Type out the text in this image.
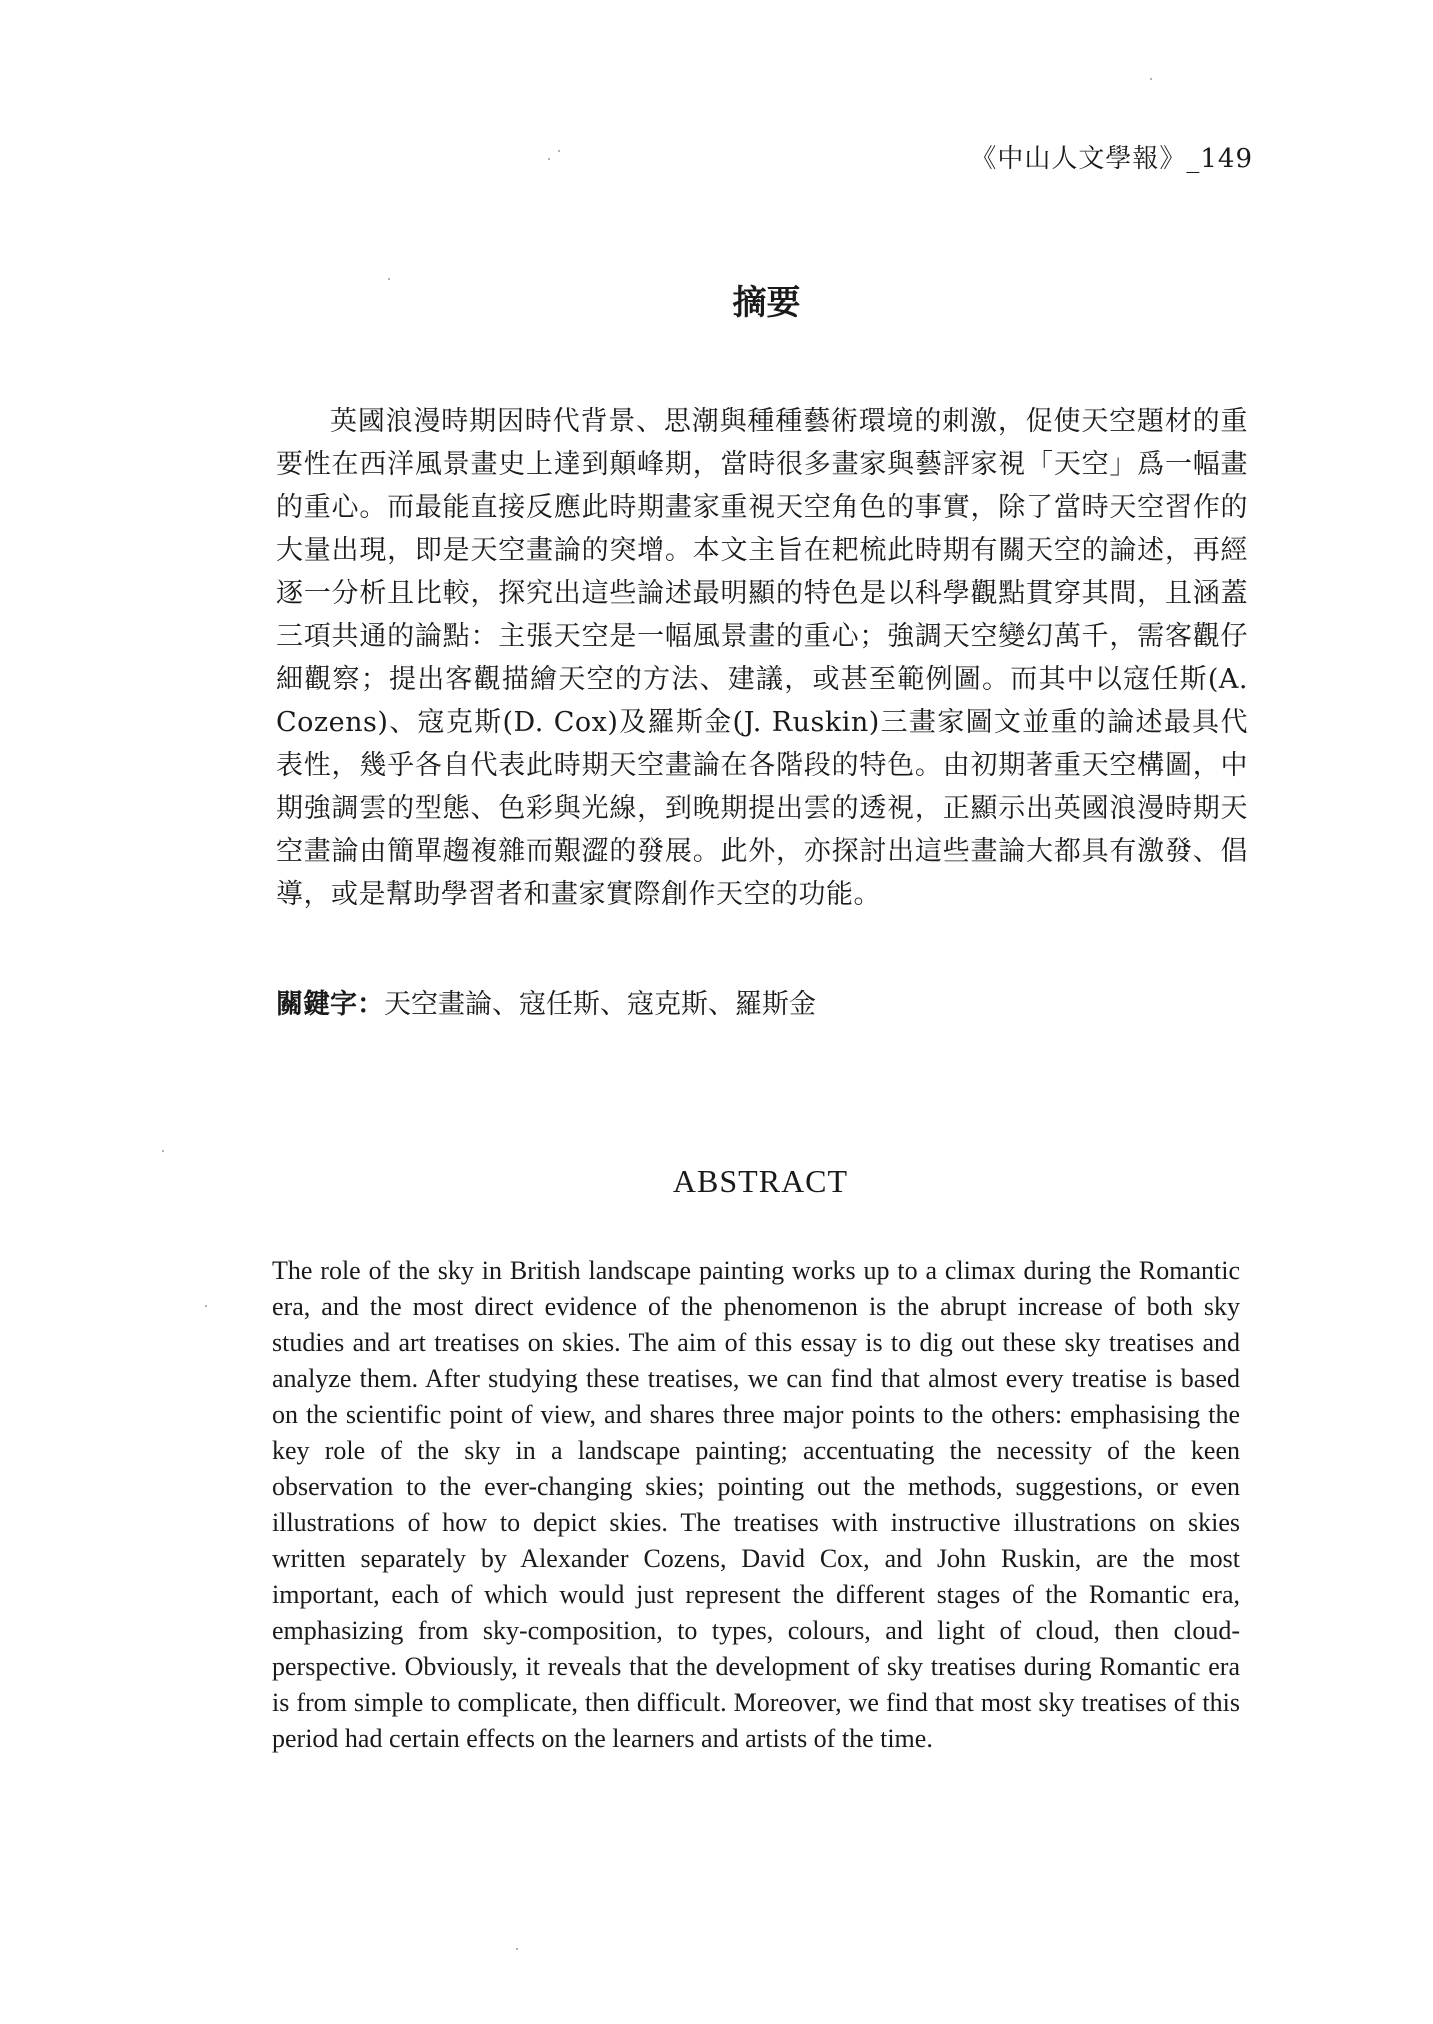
《中山人文學報》_149
摘要

英國浪漫時期因時代背景、思潮與種種藝術環境的刺激，促使天空題材的重要性在西洋風景畫史上達到顛峰期，當時很多畫家與藝評家視「天空」爲一幅畫的重心。而最能直接反應此時期畫家重視天空角色的事實，除了當時天空習作的大量出現，即是天空畫論的突增。本文主旨在耙梳此時期有關天空的論述，再經逐一分析且比較，探究出這些論述最明顯的特色是以科學觀點貫穿其間，且涵蓋三項共通的論點：主張天空是一幅風景畫的重心；強調天空變幻萬千，需客觀仔細觀察；提出客觀描繪天空的方法、建議，或甚至範例圖。而其中以寇任斯(A. Cozens)、寇克斯(D. Cox)及羅斯金(J. Ruskin)三畫家圖文並重的論述最具代表性，幾乎各自代表此時期天空畫論在各階段的特色。由初期著重天空構圖，中期強調雲的型態、色彩與光線，到晚期提出雲的透視，正顯示出英國浪漫時期天空畫論由簡單趨複雜而艱澀的發展。此外，亦探討出這些畫論大都具有激發、倡導，或是幫助學習者和畫家實際創作天空的功能。

關鍵字：天空畫論、寇任斯、寇克斯、羅斯金
ABSTRACT

The role of the sky in British landscape painting works up to a climax during the Romantic era, and the most direct evidence of the phenomenon is the abrupt increase of both sky studies and art treatises on skies. The aim of this essay is to dig out these sky treatises and analyze them. After studying these treatises, we can find that almost every treatise is based on the scientific point of view, and shares three major points to the others: emphasising the key role of the sky in a landscape painting; accentuating the necessity of the keen observation to the ever-changing skies; pointing out the methods, suggestions, or even illustrations of how to depict skies. The treatises with instructive illustrations on skies written separately by Alexander Cozens, David Cox, and John Ruskin, are the most important, each of which would just represent the different stages of the Romantic era, emphasizing from sky-composition, to types, colours, and light of cloud, then cloud-perspective. Obviously, it reveals that the development of sky treatises during Romantic era is from simple to complicate, then difficult. Moreover, we find that most sky treatises of this period had certain effects on the learners and artists of the time.
